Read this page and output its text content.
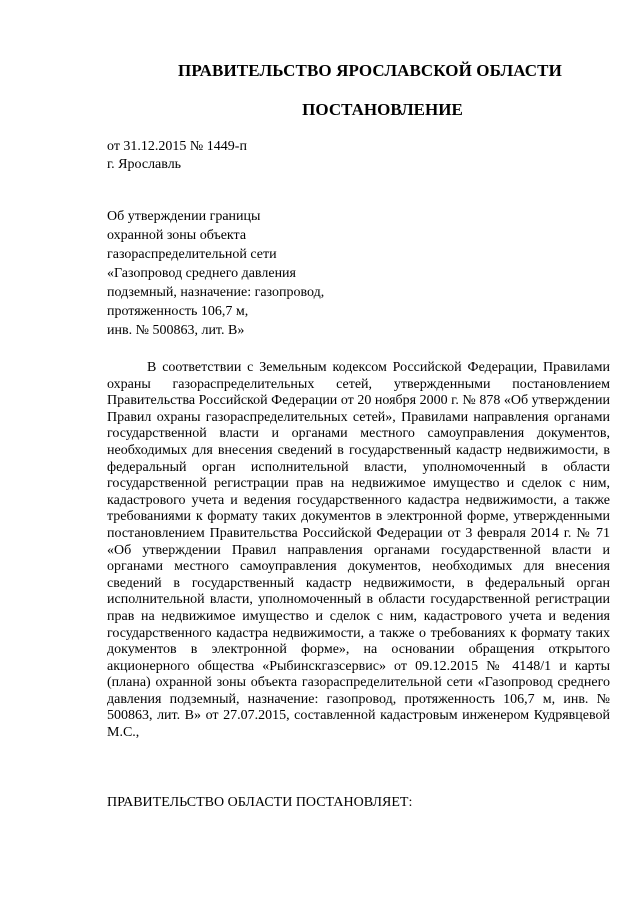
ПРАВИТЕЛЬСТВО ЯРОСЛАВСКОЙ ОБЛАСТИ
ПОСТАНОВЛЕНИЕ
от 31.12.2015 № 1449-п
г. Ярославль
Об утверждении границы
охранной зоны объекта
газораспределительной сети
«Газопровод среднего давления
подземный, назначение: газопровод,
протяженность 106,7 м,
инв. № 500863, лит. В»
В соответствии с Земельным кодексом Российской Федерации, Правилами охраны газораспределительных сетей, утвержденными постановлением Правительства Российской Федерации от 20 ноября 2000 г. № 878 «Об утверждении Правил охраны газораспределительных сетей», Правилами направления органами государственной власти и органами местного самоуправления документов, необходимых для внесения сведений в государственный кадастр недвижимости, в федеральный орган исполнительной власти, уполномоченный в области государственной регистрации прав на недвижимое имущество и сделок с ним, кадастрового учета и ведения государственного кадастра недвижимости, а также требованиями к формату таких документов в электронной форме, утвержденными постановлением Правительства Российской Федерации от 3 февраля 2014 г. № 71 «Об утверждении Правил направления органами государственной власти и органами местного самоуправления документов, необходимых для внесения сведений в государственный кадастр недвижимости, в федеральный орган исполнительной власти, уполномоченный в области государственной регистрации прав на недвижимое имущество и сделок с ним, кадастрового учета и ведения государственного кадастра недвижимости, а также о требованиях к формату таких документов в электронной форме», на основании обращения открытого акционерного общества «Рыбинскгазсервис» от 09.12.2015 № 4148/1 и карты (плана) охранной зоны объекта газораспределительной сети «Газопровод среднего давления подземный, назначение: газопровод, протяженность 106,7 м, инв. № 500863, лит. В» от 27.07.2015, составленной кадастровым инженером Кудрявцевой М.С.,
ПРАВИТЕЛЬСТВО ОБЛАСТИ ПОСТАНОВЛЯЕТ:
